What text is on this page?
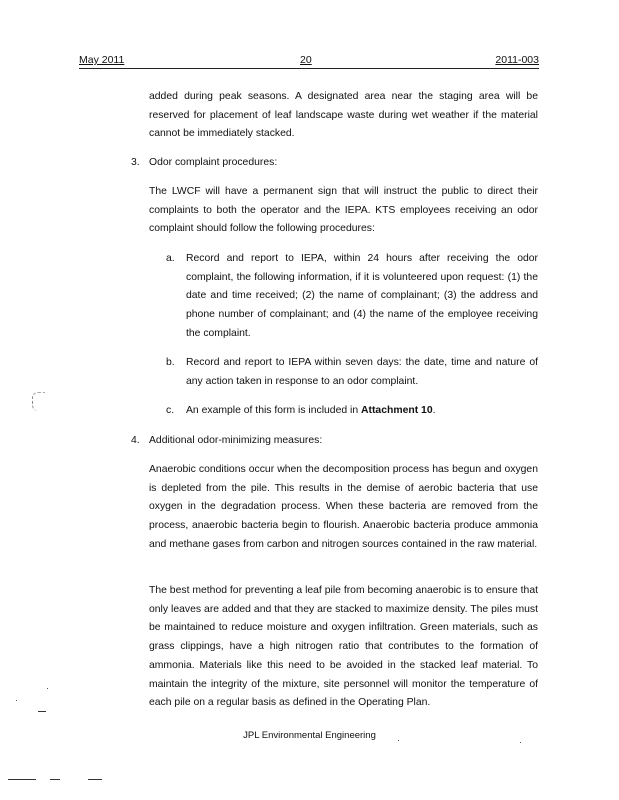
May 2011	20	2011-003
added during peak seasons. A designated area near the staging area will be reserved for placement of leaf landscape waste during wet weather if the material cannot be immediately stacked.
3. Odor complaint procedures:
The LWCF will have a permanent sign that will instruct the public to direct their complaints to both the operator and the IEPA. KTS employees receiving an odor complaint should follow the following procedures:
a. Record and report to IEPA, within 24 hours after receiving the odor complaint, the following information, if it is volunteered upon request: (1) the date and time received; (2) the name of complainant; (3) the address and phone number of complainant; and (4) the name of the employee receiving the complaint.
b. Record and report to IEPA within seven days: the date, time and nature of any action taken in response to an odor complaint.
c. An example of this form is included in Attachment 10.
4. Additional odor-minimizing measures:
Anaerobic conditions occur when the decomposition process has begun and oxygen is depleted from the pile. This results in the demise of aerobic bacteria that use oxygen in the degradation process. When these bacteria are removed from the process, anaerobic bacteria begin to flourish. Anaerobic bacteria produce ammonia and methane gases from carbon and nitrogen sources contained in the raw material.
The best method for preventing a leaf pile from becoming anaerobic is to ensure that only leaves are added and that they are stacked to maximize density. The piles must be maintained to reduce moisture and oxygen infiltration. Green materials, such as grass clippings, have a high nitrogen ratio that contributes to the formation of ammonia. Materials like this need to be avoided in the stacked leaf material. To maintain the integrity of the mixture, site personnel will monitor the temperature of each pile on a regular basis as defined in the Operating Plan.
JPL Environmental Engineering
